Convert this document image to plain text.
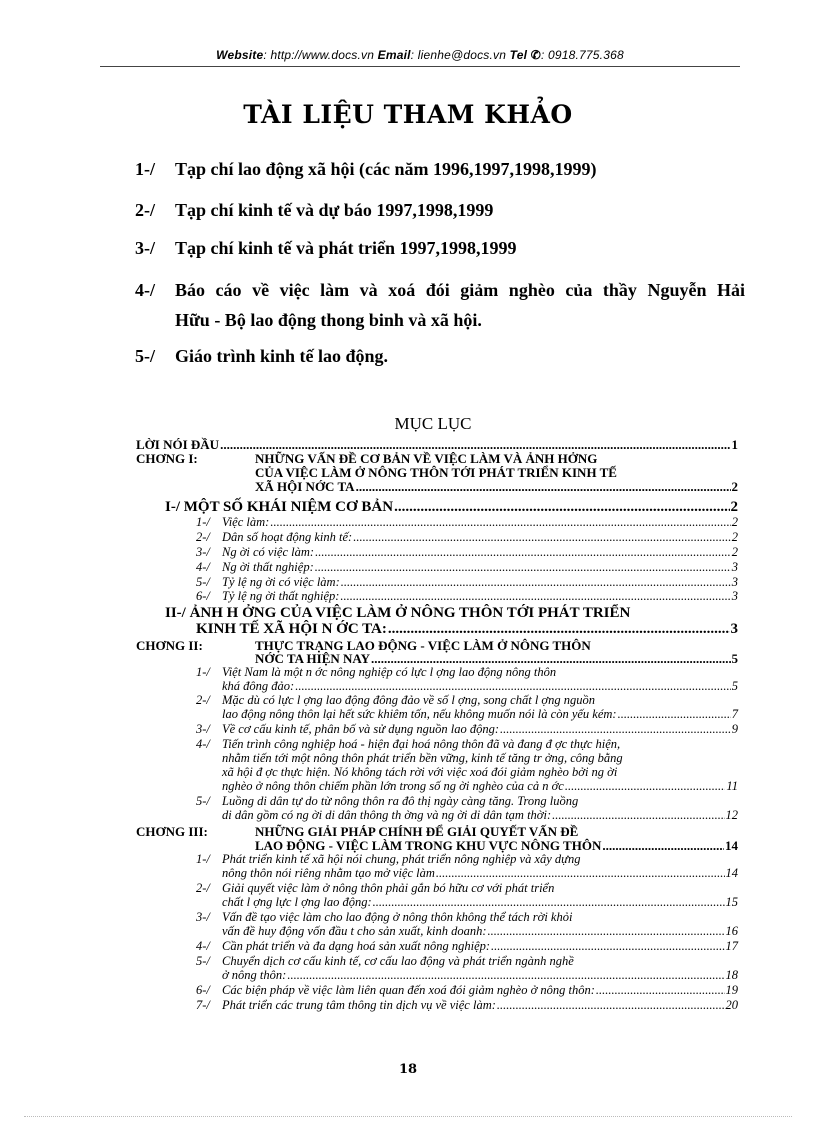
Website: http://www.docs.vn Email: lienhe@docs.vn Tel ✆: 0918.775.368
TÀI LIỆU THAM KHẢO
1-/	Tạp chí lao động xã hội (các năm 1996,1997,1998,1999)
2-/	Tạp chí kinh tế và dự báo 1997,1998,1999
3-/	Tạp chí kinh tế và phát triển 1997,1998,1999
4-/	Báo cáo về việc làm và xoá đói giảm nghèo của thầy Nguyễn Hải
Hữu - Bộ lao động thong binh và xã hội.
5-/	Giáo trình kinh tế lao động.
MỤC LỤC
LỜI NÓI ĐẦU .....	1
CHƠNG I:	NHỮNG VẤN ĐỀ CƠ BẢN VỀ VIỆC LÀM VÀ ẢNH HỞNG
CỦA VIỆC LÀM Ở NÔNG THÔN TỚI PHÁT TRIỂN KINH TẾ
XÃ HỘI NỚC TA .....	2
I-/ MỘT SỐ KHÁI NIỆM CƠ BẢN .....	2
1-/ Việc làm: .....	2
2-/ Dân số hoạt động kinh tế: .....	2
3-/ Ng ời có việc làm: .....	2
4-/ Ng ời thất nghiệp: .....	3
5-/ Tỷ lệ ng ời có việc làm: .....	3
6-/ Tỷ lệ ng ời thất nghiệp: .....	3
II-/ ẢNH H ỞNG CỦA VIỆC LÀM Ở NÔNG THÔN TỚI PHÁT TRIỂN
KINH TẾ XÃ HỘI N ỚC TA: .....	3
CHƠNG II:	THỰC TRẠNG LAO ĐỘNG - VIỆC LÀM Ở NÔNG THÔN
NỚC TA HIỆN NAY .....	5
1-/ Việt Nam là một n ớc nông nghiệp có lực l ợng lao động nông thôn
khá đông đảo: .....	5
2-/ Mặc dù có lực l ợng lao động đông đảo về số l ợng, song chất l ợng nguồn
lao động nông thôn lại hết sức khiêm tốn, nếu không muốn nói là còn yếu kém: .....	7
3-/ Về cơ cấu kinh tế, phân bố và sử dụng nguồn lao động: .....	9
4-/ Tiến trình công nghiệp hoá - hiện đại hoá nông thôn đã và đang đ ợc thực hiện,
nhằm tiến tới một nông thôn phát triển bền vững, kinh tế tăng tr ởng, công bằng
xã hội đ ợc thực hiện. Nó không tách rời với việc xoá đói giảm nghèo bởi ng ời
nghèo ở nông thôn chiếm phần lớn trong số ng ời nghèo của cả n ớc .....	11
5-/ Luồng di dân tự do từ nông thôn ra đô thị ngày càng tăng. Trong luồng
di dân gồm có ng ời di dân thông th ờng và ng ời di dân tạm thời: .....	12
CHƠNG III:	NHỮNG GIẢI PHÁP CHÍNH ĐỂ GIẢI QUYẾT VẤN ĐỀ
LAO ĐỘNG - VIỆC LÀM TRONG KHU VỰC NÔNG THÔN .....	14
1-/ Phát triển kinh tế xã hội nói chung, phát triển nông nghiệp và xây dựng
nông thôn nói riêng nhằm tạo mở việc làm .....	14
2-/ Giải quyết việc làm ở nông thôn phải gắn bó hữu cơ với phát triển
chất l ợng lực l ợng lao động: .....	15
3-/ Vấn đề tạo việc làm cho lao động ở nông thôn không thể tách rời khỏi
vấn đề huy động vốn đầu t cho sản xuất, kinh doanh: .....	16
4-/ Cần phát triển và đa dạng hoá sản xuất nông nghiệp: .....	17
5-/ Chuyển dịch cơ cấu kinh tế, cơ cấu lao động và phát triển ngành nghề
ở nông thôn: .....	18
6-/ Các biện pháp về việc làm liên quan đến xoá đói giảm nghèo ở nông thôn: .....	19
7-/ Phát triển các trung tâm thông tin dịch vụ về việc làm: .....	20
18
